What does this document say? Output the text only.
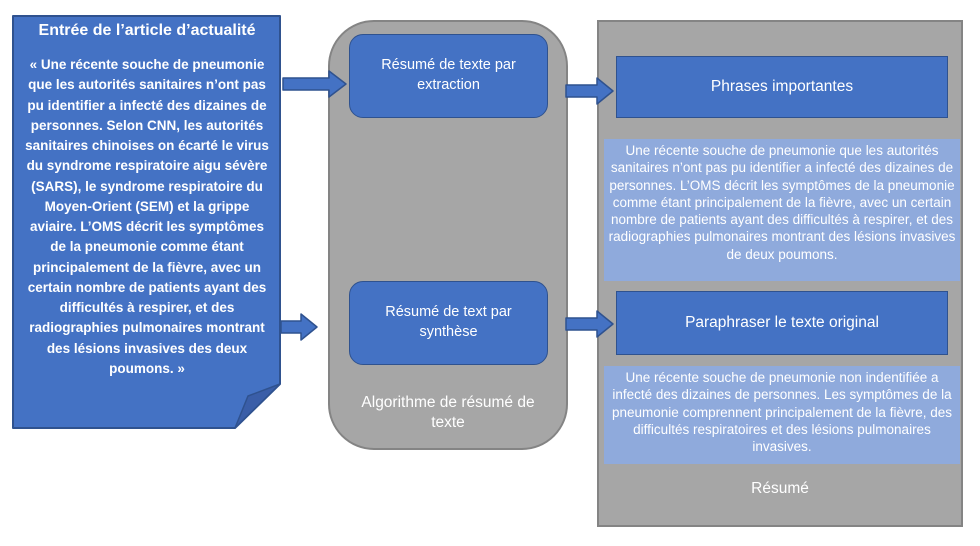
Entrée de l’article d’actualité
« Une récente souche de pneumonie que les autorités sanitaires n’ont pas pu identifier a infecté des dizaines de personnes. Selon CNN, les autorités sanitaires chinoises on écarté le virus du syndrome respiratoire aigu sévère (SARS), le syndrome respiratoire du Moyen-Orient (SEM) et la grippe aviaire. L’OMS décrit les symptômes de la pneumonie comme étant principalement de la fièvre, avec un certain nombre de patients ayant des difficultés à respirer, et des radiographies pulmonaires montrant des lésions invasives des deux poumons. »
Résumé de texte par extraction
Résumé de text par synthèse
Algorithme de résumé de texte
Phrases importantes
Une récente souche de pneumonie que les autorités sanitaires n’ont pas pu identifier a infecté des dizaines de personnes. L’OMS décrit les symptômes de la pneumonie comme étant principalement de la fièvre, avec un certain nombre de patients ayant des difficultés à respirer, et des radiographies pulmonaires montrant des lésions invasives de deux poumons.
Paraphraser le texte original
Une récente souche de pneumonie non indentifiée a infecté des dizaines de personnes. Les symptômes de la pneumonie comprennent principalement de la fièvre, des difficultés respiratoires et des lésions pulmonaires invasives.
Résumé
